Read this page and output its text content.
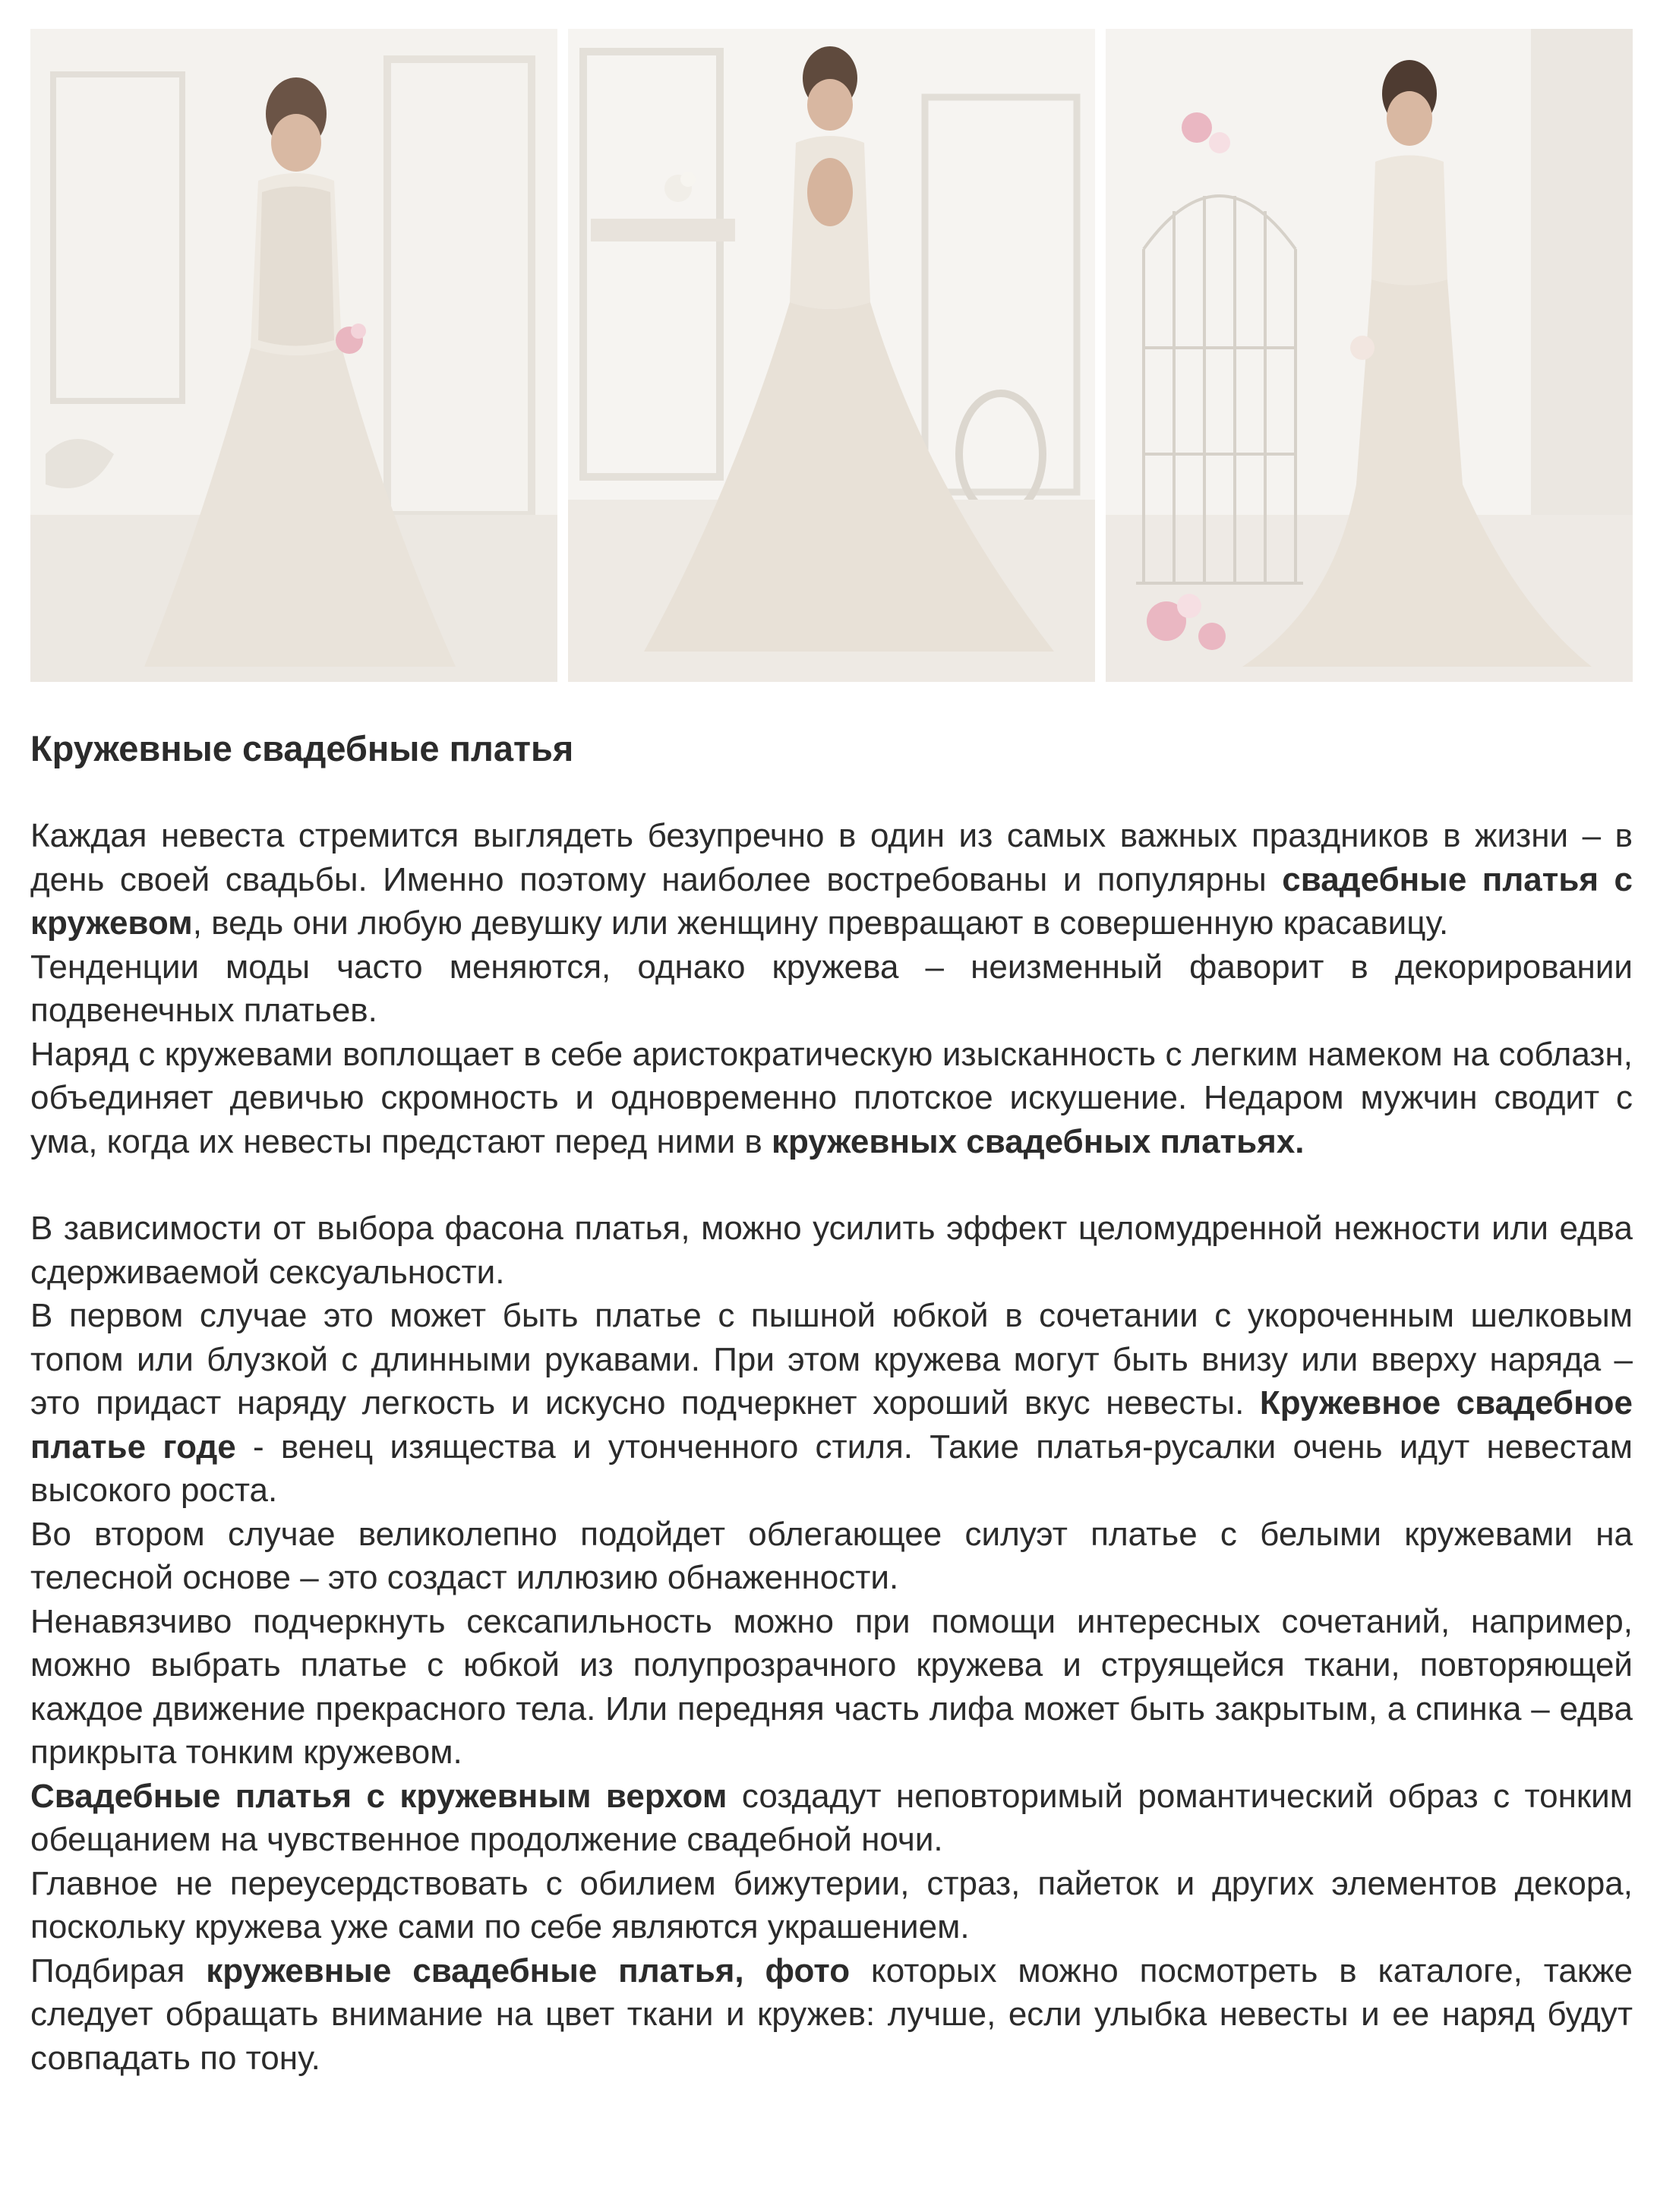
Кружевные свадебные платья

Каждая невеста стремится выглядеть безупречно в один из самых важных праздников в жизни – в день своей свадьбы. Именно поэтому наиболее востребованы и популярны свадебные платья с кружевом, ведь они любую девушку или женщину превращают в совершенную красавицу.

Тенденции моды часто меняются, однако кружева – неизменный фаворит в декорировании подвенечных платьев.

Наряд с кружевами воплощает в себе аристократическую изысканность с легким намеком на соблазн, объединяет девичью скромность и одновременно плотское искушение. Недаром мужчин сводит с ума, когда их невесты предстают перед ними в кружевных свадебных платьях.

В зависимости от выбора фасона платья, можно усилить эффект целомудренной нежности или едва сдерживаемой сексуальности.

В первом случае это может быть платье с пышной юбкой в сочетании с укороченным шелковым топом или блузкой с длинными рукавами. При этом кружева могут быть внизу или вверху наряда – это придаст наряду легкость и искусно подчеркнет хороший вкус невесты. Кружевное свадебное платье годе - венец изящества и утонченного стиля. Такие платья-русалки очень идут невестам высокого роста.

Во втором случае великолепно подойдет облегающее силуэт платье с белыми кружевами на телесной основе – это создаст иллюзию обнаженности.

Ненавязчиво подчеркнуть сексапильность можно при помощи интересных сочетаний, например, можно выбрать платье с юбкой из полупрозрачного кружева и струящейся ткани, повторяющей каждое движение прекрасного тела. Или передняя часть лифа может быть закрытым, а спинка – едва прикрыта тонким кружевом.

Свадебные платья с кружевным верхом создадут неповторимый романтический образ с тонким обещанием на чувственное продолжение свадебной ночи.

Главное не переусердствовать с обилием бижутерии, страз, пайеток и других элементов декора, поскольку кружева уже сами по себе являются украшением.

Подбирая кружевные свадебные платья, фото которых можно посмотреть в каталоге, также следует обращать внимание на цвет ткани и кружев: лучше, если улыбка невесты и ее наряд будут совпадать по тону.
